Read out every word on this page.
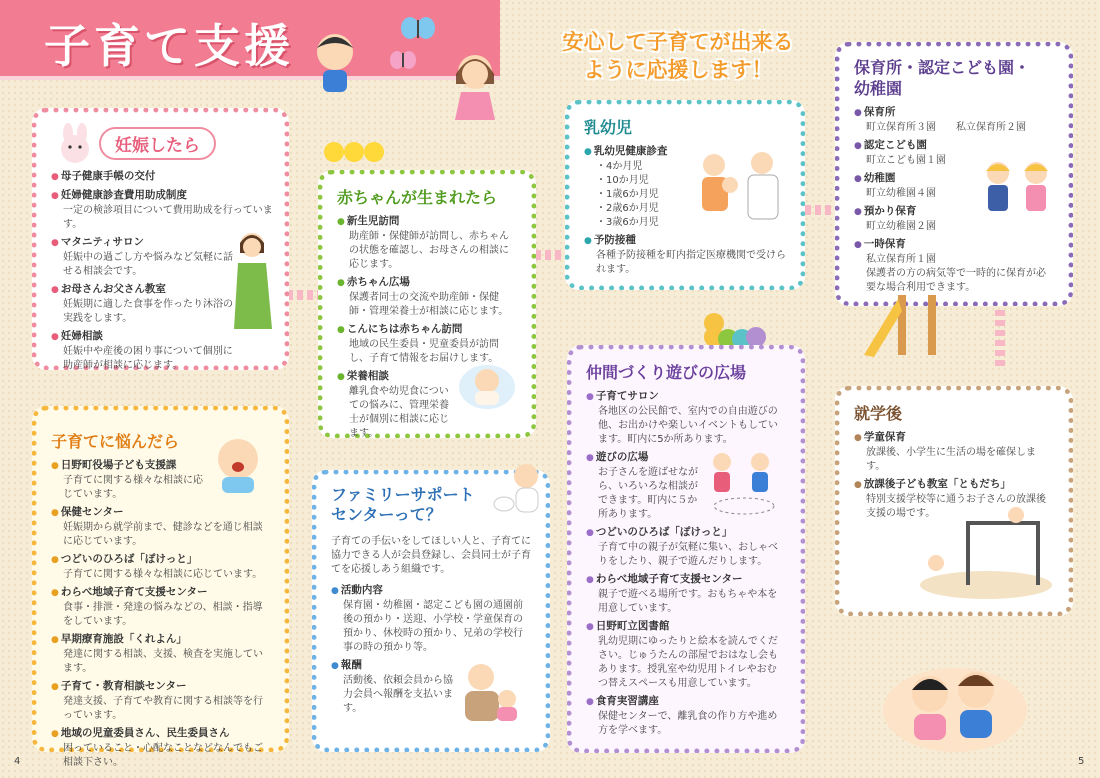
子育て支援	安心して子育てが出来る
ように応援します！
妊娠したら
● 母子健康手帳の交付
● 妊婦健康診査費用助成制度
一定の検診項目について費用助成を行っています。
● マタニティサロン
妊娠中の過ごし方や悩みなど気軽に話せる相談会です。
● お母さんお父さん教室
妊娠期に適した食事を作ったり沐浴の実践をします。
● 妊婦相談
妊娠中や産後の困り事について個別に助産師が相談に応じます。
赤ちゃんが生まれたら
● 新生児訪問
助産師・保健師が訪問し、赤ちゃんの状態を確認し、お母さんの相談に応じます。
● 赤ちゃん広場
保護者同士の交流や助産師・保健師・管理栄養士が相談に応じます。
● こんにちは赤ちゃん訪問
地域の民生委員・児童委員が訪問し、子育て情報をお届けします。
● 栄養相談
離乳食や幼児食についての悩みに、管理栄養士が個別に相談に応じます。
乳幼児
● 乳幼児健康診査
・4か月児
・10か月児
・1歳6か月児
・2歳6か月児
・3歳6か月児
● 予防接種
各種予防接種を町内指定医療機関で受けられます。
保育所・認定こども園・
幼稚園
● 保育所
町立保育所３園　　私立保育所２園
● 認定こども園
町立こども園１園
● 幼稚園
町立幼稚園４園
● 預かり保育
町立幼稚園２園
● 一時保育
私立保育所１園
保護者の方の病気等で一時的に保育が必要な場合利用できます。
子育てに悩んだら
● 日野町役場子ども支援課
子育てに関する様々な相談に応じています。
● 保健センター
妊娠期から就学前まで、健診などを通じ相談に応じています。
● つどいのひろば「ぽけっと」
子育てに関する様々な相談に応じています。
● わらべ地域子育て支援センター
食事・排泄・発達の悩みなどの、相談・指導をしています。
● 早期療育施設「くれよん」
発達に関する相談、支援、検査を実施しています。
● 子育て・教育相談センター
発達支援、子育てや教育に関する相談等を行っています。
● 地域の児童委員さん、民生委員さん
困っていること・心配なことなどなんでもご相談下さい。
ファミリーサポート
センターって？
子育ての手伝いをしてほしい人と、子育てに協力できる人が会員登録し、会員同士が子育てを応援しあう組織です。
● 活動内容
保育園・幼稚園・認定こども園の通園前後の預かり・送迎、小学校・学童保育の預かり、休校時の預かり、兄弟の学校行事の時の預かり等。
● 報酬
活動後、依頼会員から協力会員へ報酬を支払います。
仲間づくり遊びの広場
● 子育てサロン
各地区の公民館で、室内での自由遊びの他、お出かけや楽しいイベントもしています。町内に5か所あります。
● 遊びの広場
お子さんを遊ばせながら、いろいろな相談ができます。町内に５か所あります。
● つどいのひろば「ぽけっと」
子育て中の親子が気軽に集い、おしゃべりをしたり、親子で遊んだりします。
● わらべ地域子育て支援センター
親子で遊べる場所です。おもちゃや本を用意しています。
● 日野町立図書館
乳幼児期にゆったりと絵本を読んでください。じゅうたんの部屋でおはなし会もあります。授乳室や幼児用トイレやおむつ替えスペースも用意しています。
● 食育実習講座
保健センターで、離乳食の作り方や進め方を学べます。
就学後
● 学童保育
放課後、小学生に生活の場を確保します。
● 放課後子ども教室「ともだち」
特別支援学校等に通うお子さんの放課後支援の場です。
4	5
